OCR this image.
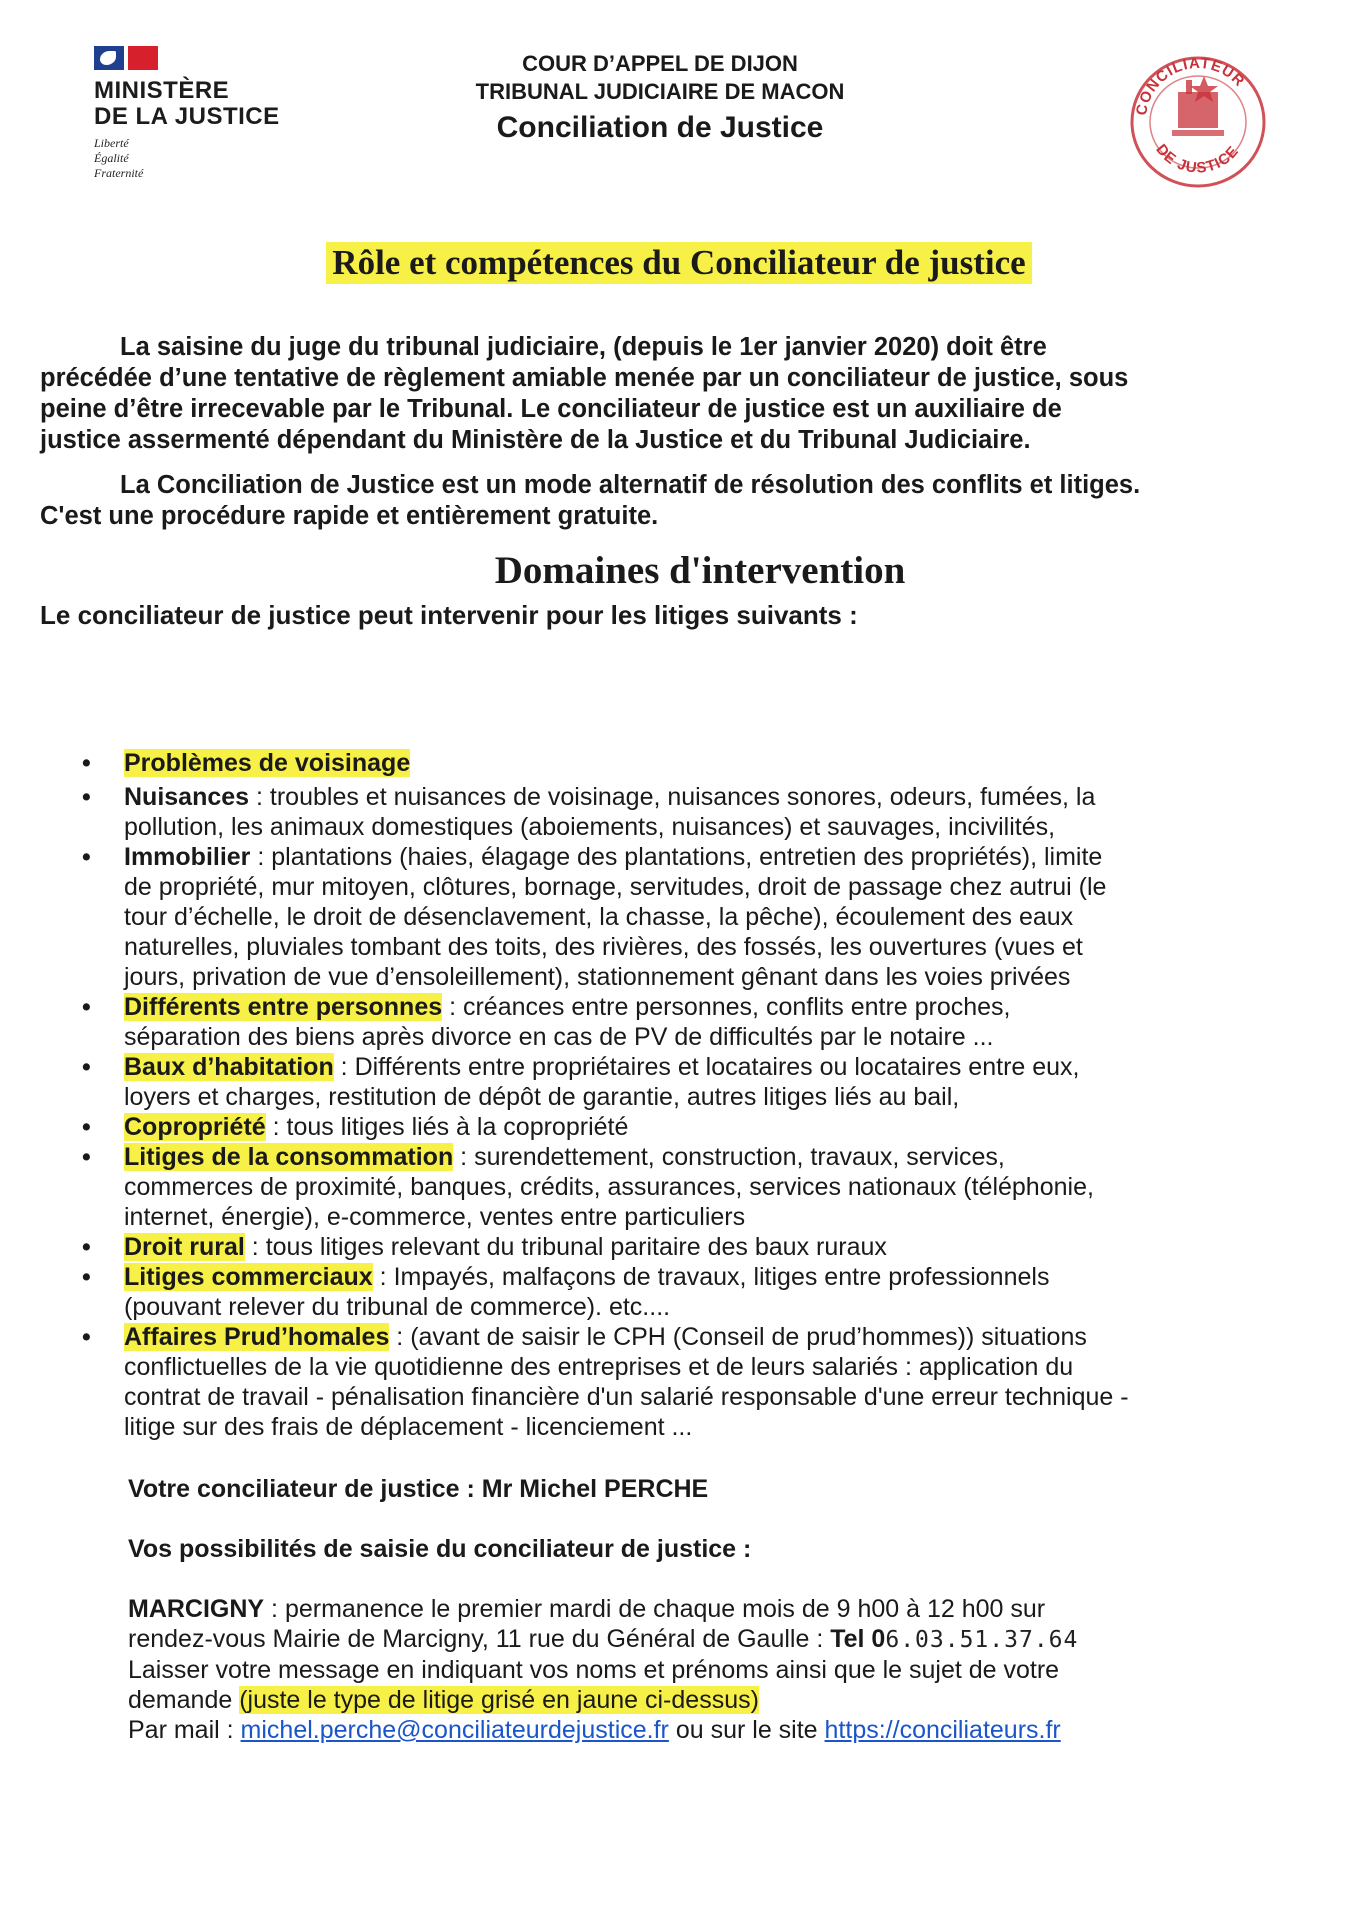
MINISTÈRE
DE LA JUSTICE
Liberté
Égalité
Fraternité
COUR D’APPEL DE DIJON
TRIBUNAL JUDICIAIRE DE MACON
Conciliation de Justice
CONCILIATEUR
DE JUSTICE
Rôle et compétences du Conciliateur de justice

La saisine du juge du tribunal judiciaire, (depuis le 1er janvier 2020) doit être
précédée d’une tentative de règlement amiable menée par un conciliateur de justice, sous
peine d’être irrecevable par le Tribunal. Le conciliateur de justice est un auxiliaire de
justice assermenté dépendant du Ministère de la Justice et du Tribunal Judiciaire.

La Conciliation de Justice est un mode alternatif de résolution des conflits et litiges.
C'est une procédure rapide et entièrement gratuite.

Domaines d'intervention

Le conciliateur de justice peut intervenir pour les litiges suivants :

• Problèmes de voisinage
• Nuisances : troubles et nuisances de voisinage, nuisances sonores, odeurs, fumées, la
pollution, les animaux domestiques (aboiements, nuisances) et sauvages, incivilités,
• Immobilier : plantations (haies, élagage des plantations, entretien des propriétés), limite
de propriété, mur mitoyen, clôtures, bornage, servitudes, droit de passage chez autrui (le
tour d’échelle, le droit de désenclavement, la chasse, la pêche), écoulement des eaux
naturelles, pluviales tombant des toits, des rivières, des fossés, les ouvertures (vues et
jours, privation de vue d’ensoleillement), stationnement gênant dans les voies privées
• Différents entre personnes : créances entre personnes, conflits entre proches,
séparation des biens après divorce en cas de PV de difficultés par le notaire ...
• Baux d’habitation : Différents entre propriétaires et locataires ou locataires entre eux,
loyers et charges, restitution de dépôt de garantie, autres litiges liés au bail,
• Copropriété : tous litiges liés à la copropriété
• Litiges de la consommation : surendettement, construction, travaux, services,
commerces de proximité, banques, crédits, assurances, services nationaux (téléphonie,
internet, énergie), e-commerce, ventes entre particuliers
• Droit rural : tous litiges relevant du tribunal paritaire des baux ruraux
• Litiges commerciaux : Impayés, malfaçons de travaux, litiges entre professionnels
(pouvant relever du tribunal de commerce). etc....
• Affaires Prud’homales : (avant de saisir le CPH (Conseil de prud’hommes)) situations
conflictuelles de la vie quotidienne des entreprises et de leurs salariés : application du
contrat de travail - pénalisation financière d'un salarié responsable d'une erreur technique -
litige sur des frais de déplacement - licenciement ...
Votre conciliateur de justice : Mr Michel PERCHE
Vos possibilités de saisie du conciliateur de justice :
MARCIGNY : permanence le premier mardi de chaque mois de 9 h00 à 12 h00 sur
rendez-vous Mairie de Marcigny, 11 rue du Général de Gaulle : Tel 06.03.51.37.64
Laisser votre message en indiquant vos noms et prénoms ainsi que le sujet de votre
demande (juste le type de litige grisé en jaune ci-dessus)
Par mail : michel.perche@conciliateurdejustice.fr ou sur le site https://conciliateurs.fr
